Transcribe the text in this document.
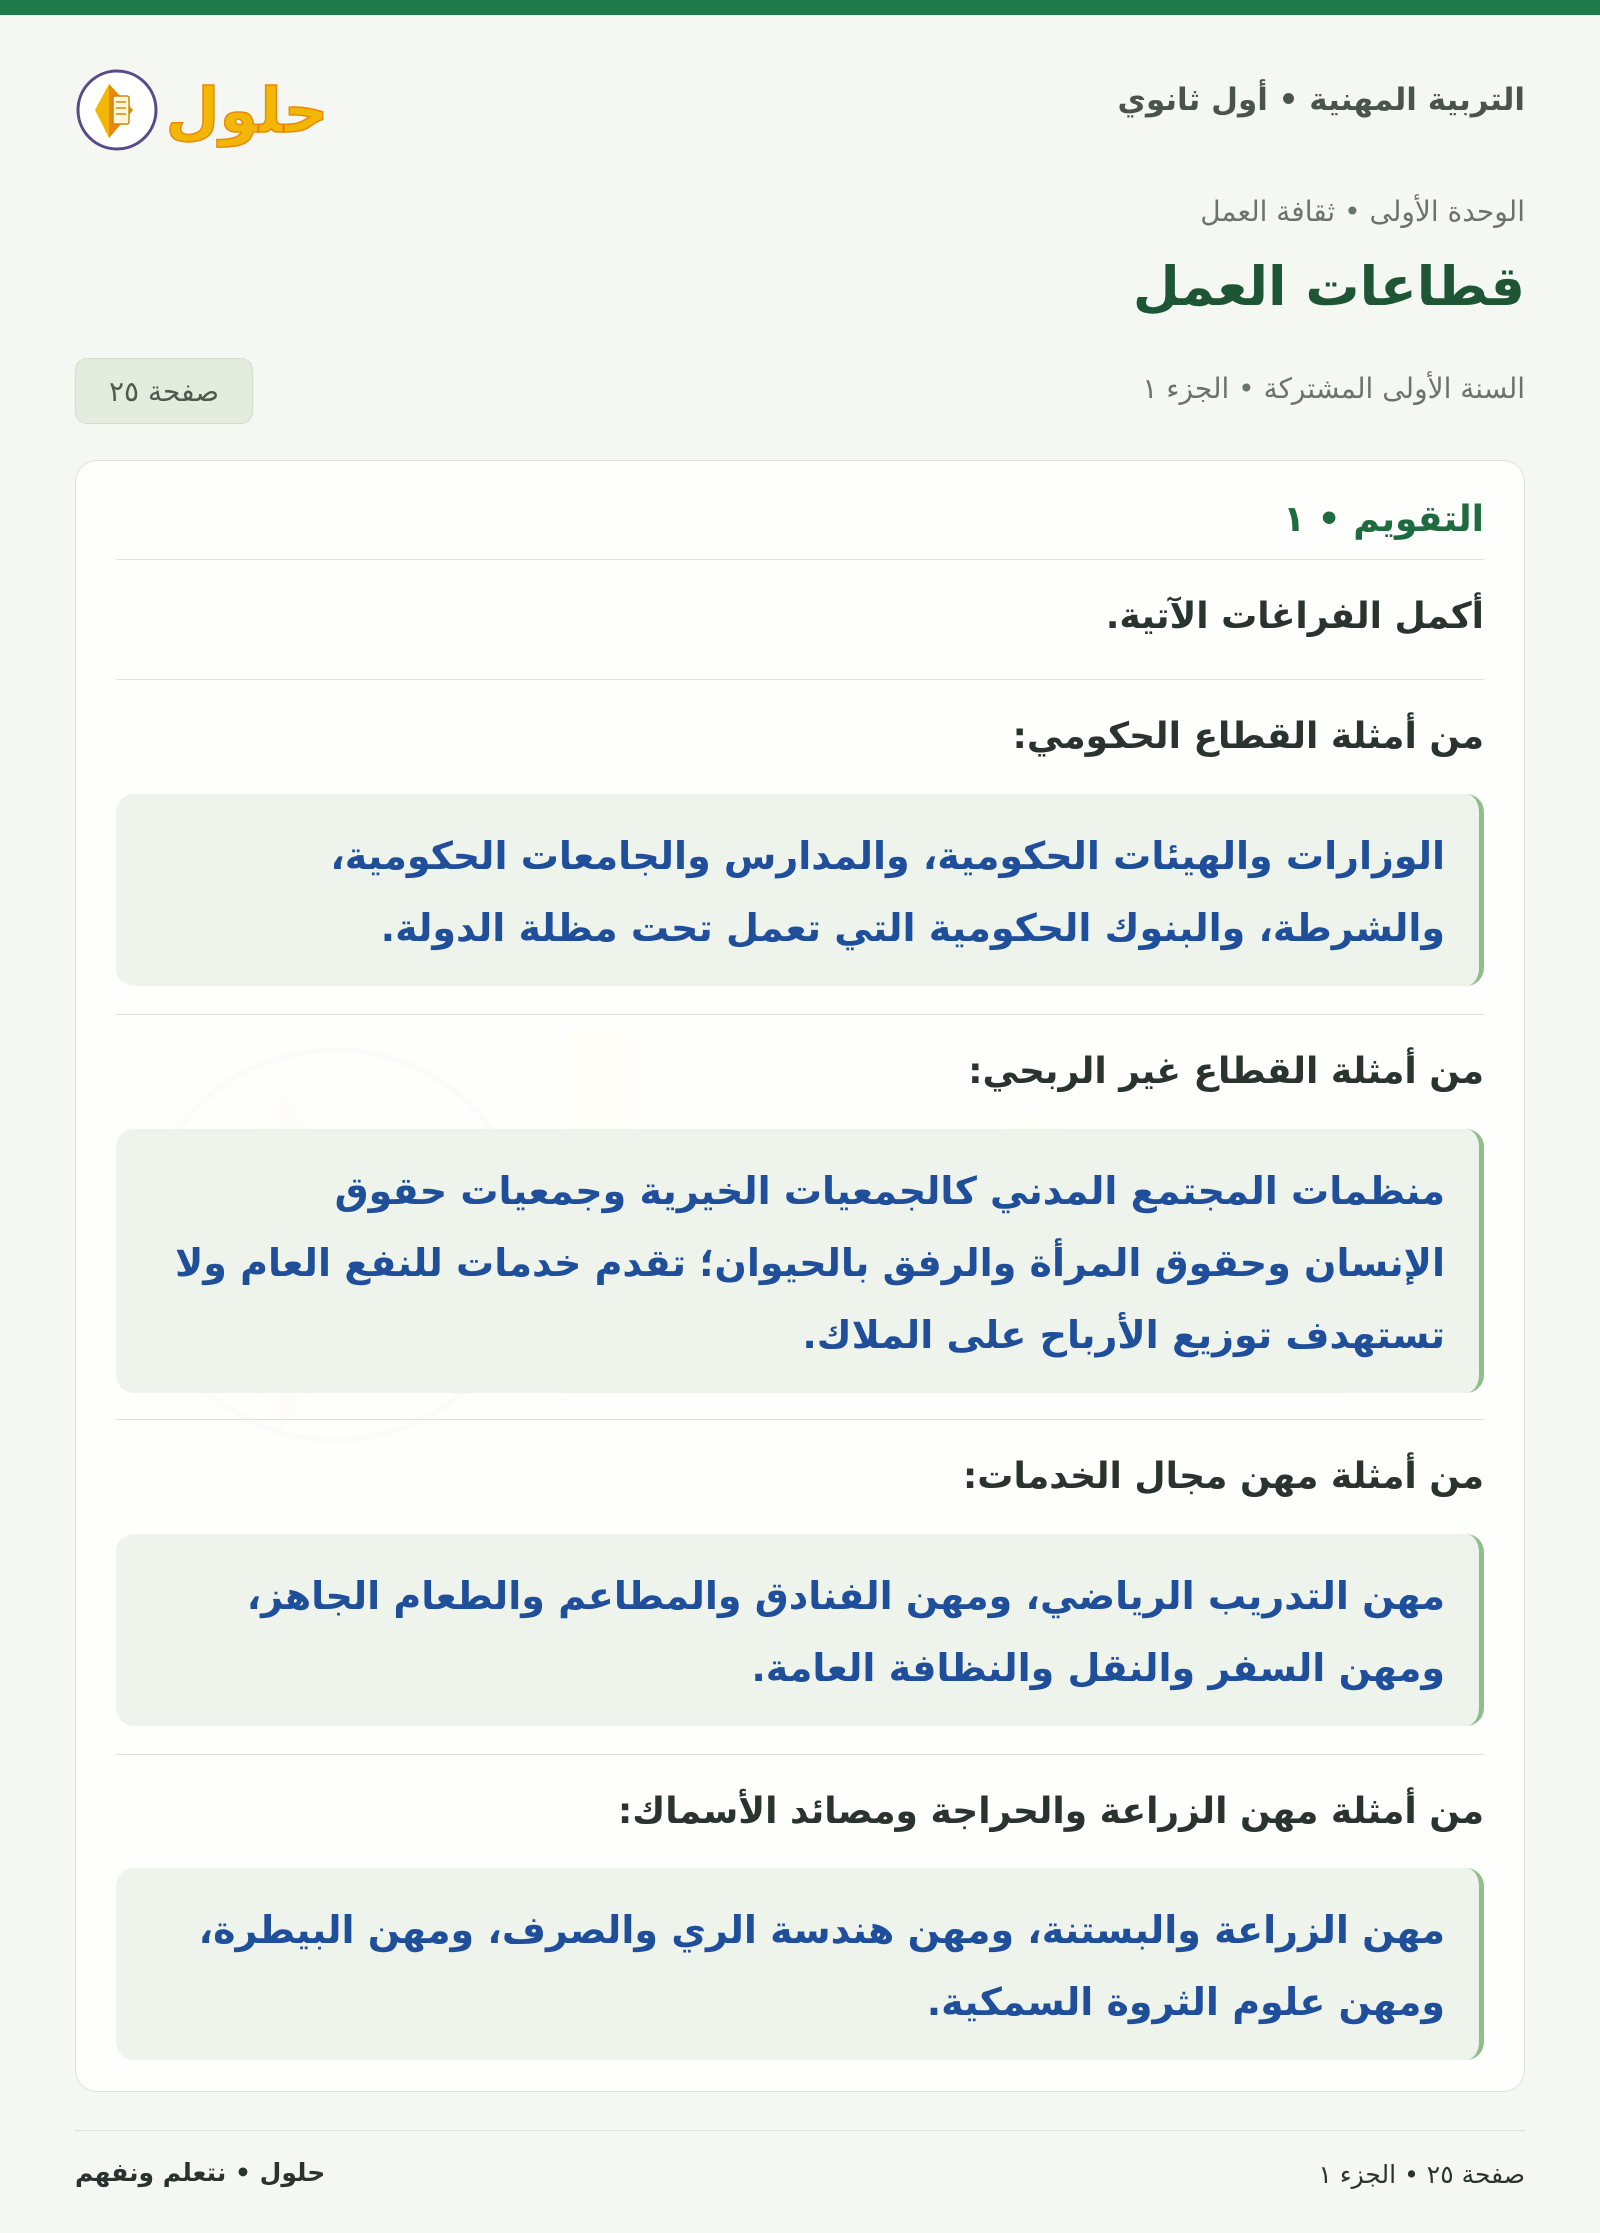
التربية المهنية • أول ثانوي
حلول
الوحدة الأولى • ثقافة العمل
قطاعات العمل
السنة الأولى المشتركة • الجزء ١
صفحة ٢٥
التقويم • ١
أكمل الفراغات الآتية.
من أمثلة القطاع الحكومي:
الوزارات والهيئات الحكومية، والمدارس والجامعات الحكومية،
والشرطة، والبنوك الحكومية التي تعمل تحت مظلة الدولة.
من أمثلة القطاع غير الربحي:
منظمات المجتمع المدني كالجمعيات الخيرية وجمعيات حقوق
الإنسان وحقوق المرأة والرفق بالحيوان؛ تقدم خدمات للنفع العام ولا
تستهدف توزيع الأرباح على الملاك.
من أمثلة مهن مجال الخدمات:
مهن التدريب الرياضي، ومهن الفنادق والمطاعم والطعام الجاهز،
ومهن السفر والنقل والنظافة العامة.
من أمثلة مهن الزراعة والحراجة ومصائد الأسماك:
مهن الزراعة والبستنة، ومهن هندسة الري والصرف، ومهن البيطرة،
ومهن علوم الثروة السمكية.
حلول • نتعلم ونفهم	صفحة ٢٥ • الجزء ١
